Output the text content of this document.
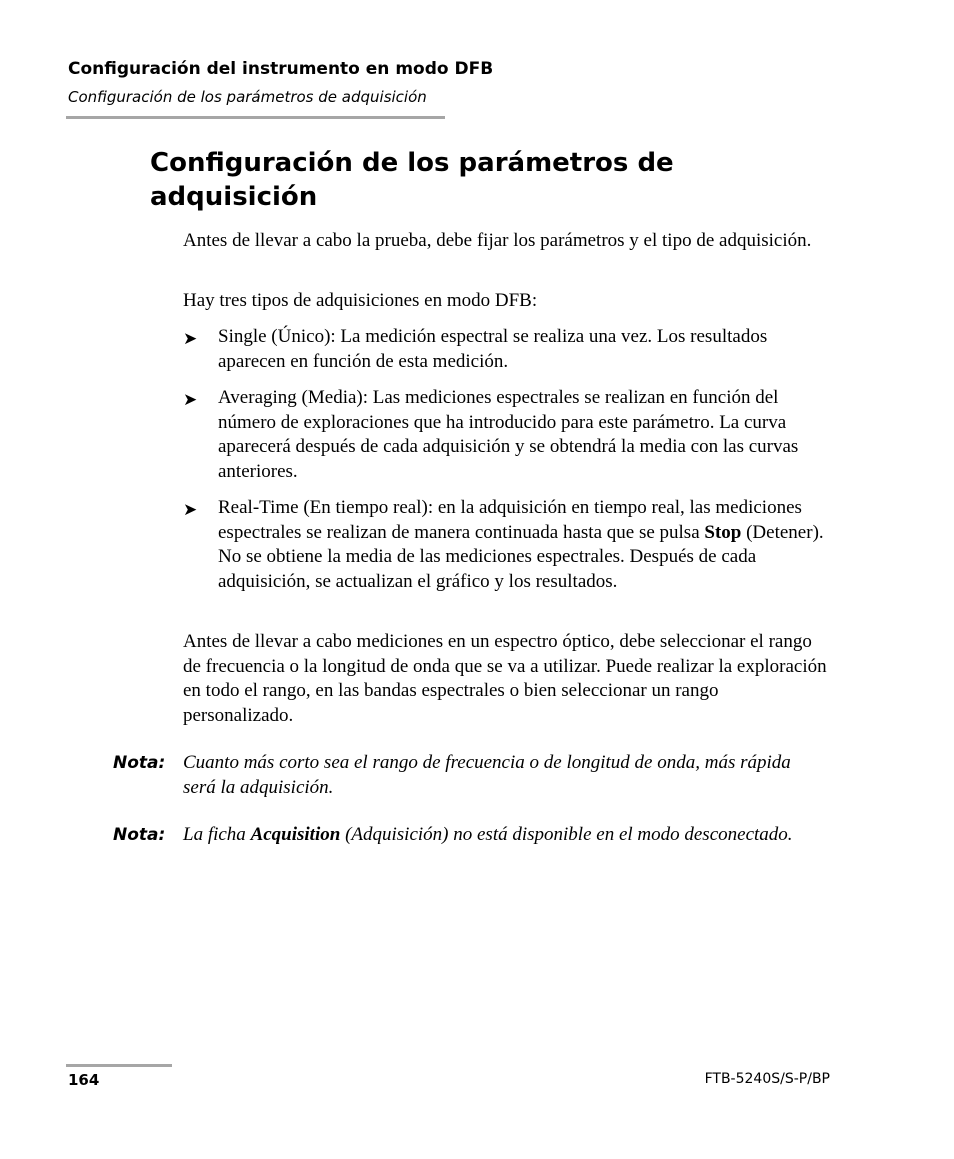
Configuración del instrumento en modo DFB
Configuración de los parámetros de adquisición
Configuración de los parámetros de adquisición

Antes de llevar a cabo la prueba, debe fijar los parámetros y el tipo de adquisición.

Hay tres tipos de adquisiciones en modo DFB:

➤ Single (Único): La medición espectral se realiza una vez. Los resultados aparecen en función de esta medición.

➤ Averaging (Media): Las mediciones espectrales se realizan en función del número de exploraciones que ha introducido para este parámetro. La curva aparecerá después de cada adquisición y se obtendrá la media con las curvas anteriores.

➤ Real-Time (En tiempo real): en la adquisición en tiempo real, las mediciones espectrales se realizan de manera continuada hasta que se pulsa Stop (Detener). No se obtiene la media de las mediciones espectrales. Después de cada adquisición, se actualizan el gráfico y los resultados.

Antes de llevar a cabo mediciones en un espectro óptico, debe seleccionar el rango de frecuencia o la longitud de onda que se va a utilizar. Puede realizar la exploración en todo el rango, en las bandas espectrales o bien seleccionar un rango personalizado.

Nota: Cuanto más corto sea el rango de frecuencia o de longitud de onda, más rápida será la adquisición.

Nota: La ficha Acquisition (Adquisición) no está disponible en el modo desconectado.

164	FTB-5240S/S-P/BP
